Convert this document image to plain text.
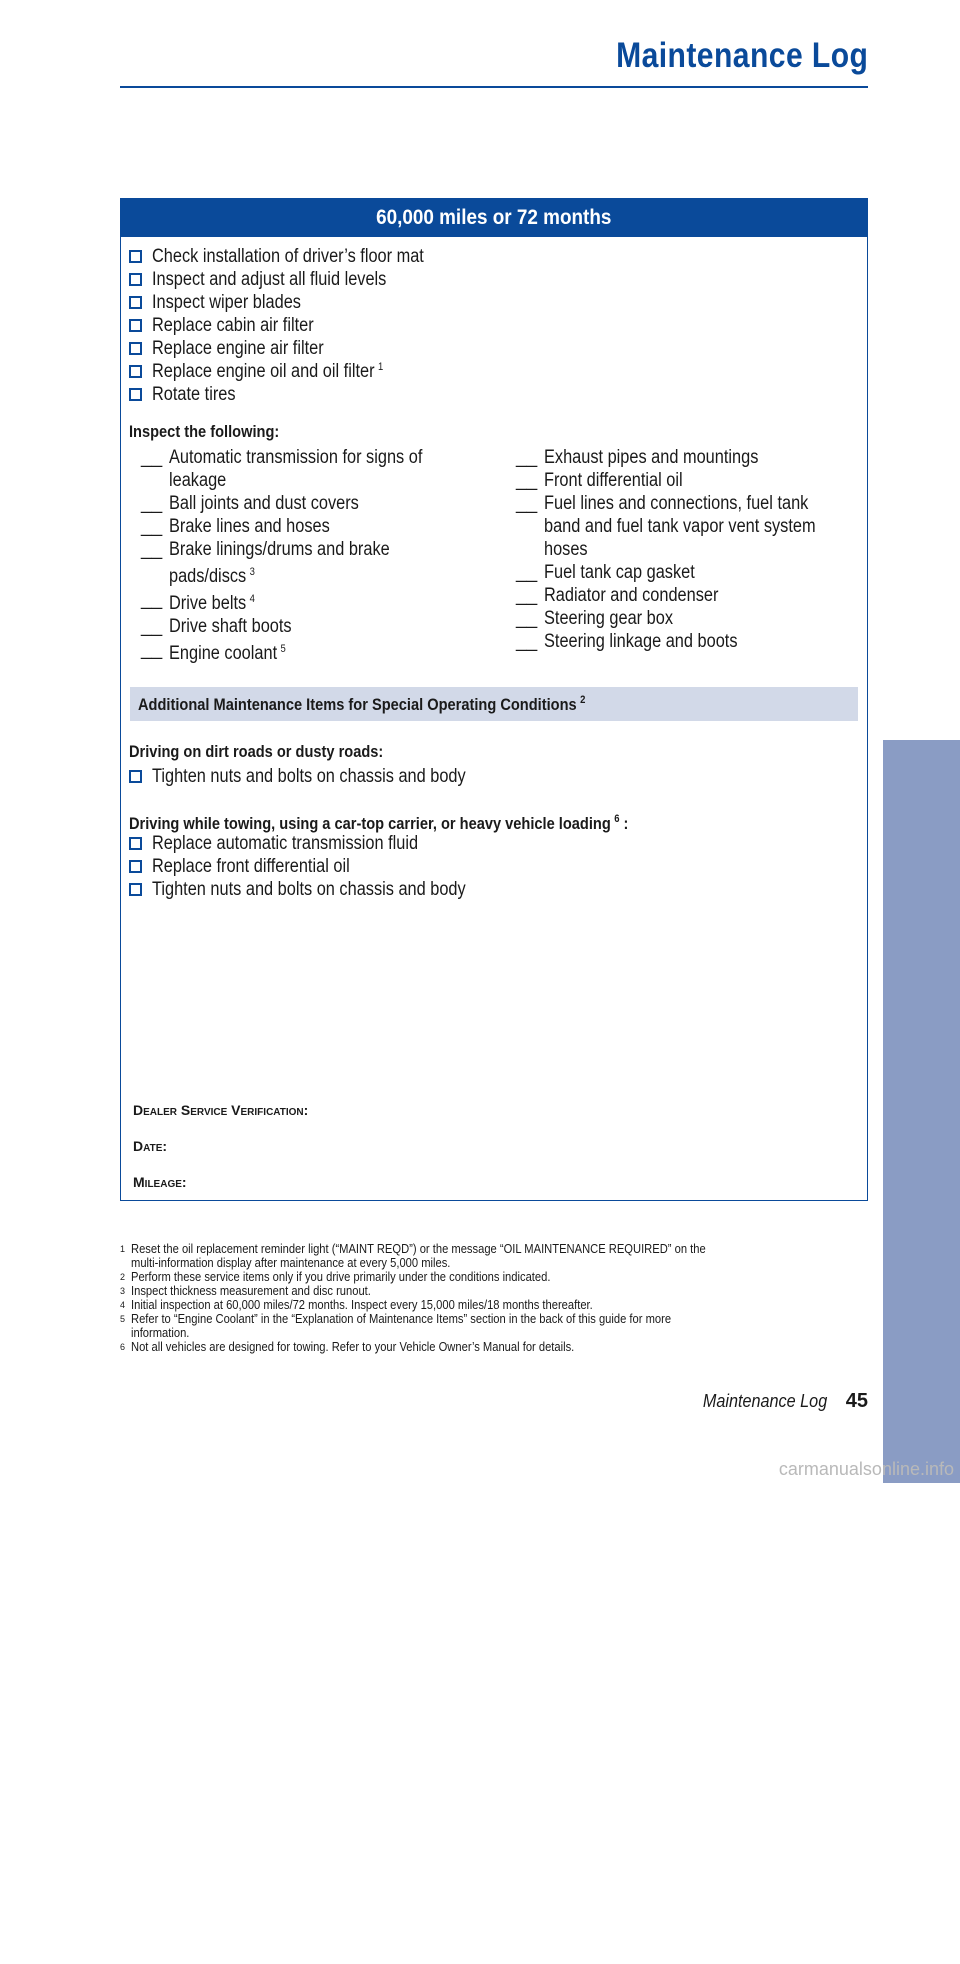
Maintenance Log
MAINTENANCE
60,000 miles or 72 months
Check installation of driver’s floor mat
Inspect and adjust all fluid levels
Inspect wiper blades
Replace cabin air filter
Replace engine air filter
Replace engine oil and oil filter $^1$
Rotate tires
Inspect the following:
__ Automatic transmission for signs of
leakage
__ Ball joints and dust covers
__ Brake lines and hoses
__ Brake linings/drums and brake
pads/discs $^3$
__ Drive belts $^4$
__ Drive shaft boots
__ Engine coolant $^5$
__ Exhaust pipes and mountings
__ Front differential oil
__ Fuel lines and connections, fuel tank
band and fuel tank vapor vent system
hoses
__ Fuel tank cap gasket
__ Radiator and condenser
__ Steering gear box
__ Steering linkage and boots
Additional Maintenance Items for Special Operating Conditions $^2$
Driving on dirt roads or dusty roads:
Tighten nuts and bolts on chassis and body
Driving while towing, using a car-top carrier, or heavy vehicle loading $^6$ :
Replace automatic transmission fluid
Replace front differential oil
Tighten nuts and bolts on chassis and body
Dealer Service Verification:
Date:
Mileage:
1 Reset the oil replacement reminder light (“MAINT REQD”) or the message “OIL MAINTENANCE REQUIRED” on the
multi-information display after maintenance at every 5,000 miles.
2 Perform these service items only if you drive primarily under the conditions indicated.
3 Inspect thickness measurement and disc runout.
4 Initial inspection at 60,000 miles/72 months. Inspect every 15,000 miles/18 months thereafter.
5 Refer to “Engine Coolant” in the “Explanation of Maintenance Items” section in the back of this guide for more
information.
6 Not all vehicles are designed for towing. Refer to your Vehicle Owner’s Manual for details.
Maintenance Log 45
carmanualsonline.info
